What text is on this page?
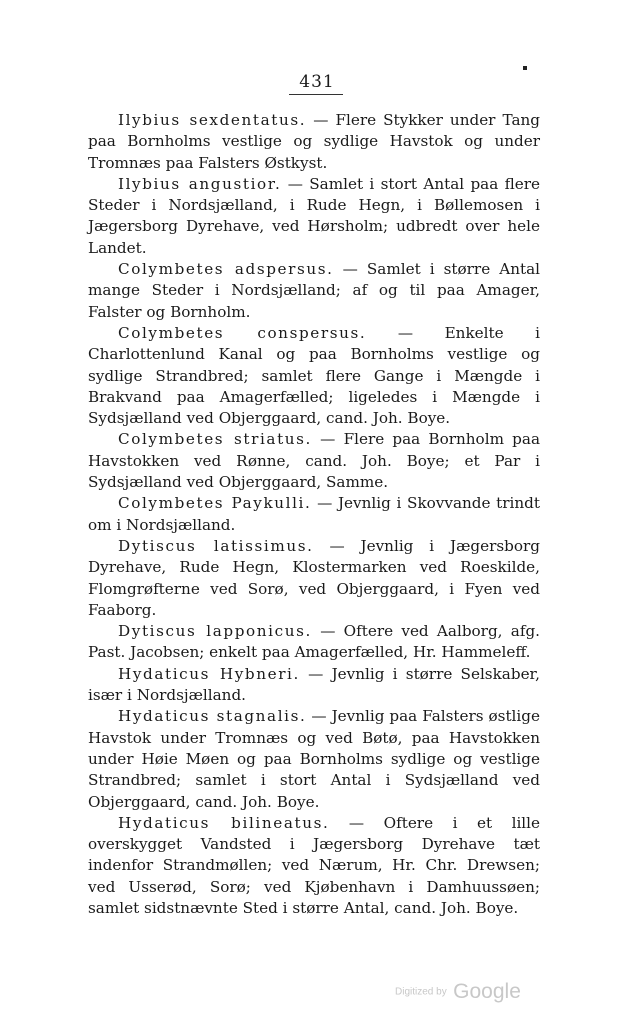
431

Ilybius sexdentatus. — Flere Stykker under Tang paa Bornholms vestlige og sydlige Havstok og under Tromnæs paa Falsters Østkyst.

Ilybius angustior. — Samlet i stort Antal paa flere Steder i Nordsjælland, i Rude Hegn, i Bøllemosen i Jægersborg Dyrehave, ved Hørsholm; udbredt over hele Landet.

Colymbetes adspersus. — Samlet i større Antal mange Steder i Nordsjælland; af og til paa Amager, Falster og Bornholm.

Colymbetes conspersus. — Enkelte i Charlottenlund Kanal og paa Bornholms vestlige og sydlige Strandbred; samlet flere Gange i Mængde i Brakvand paa Amagerfælled; ligeledes i Mængde i Sydsjælland ved Objerggaard, cand. Joh. Boye.

Colymbetes striatus. — Flere paa Bornholm paa Havstokken ved Rønne, cand. Joh. Boye; et Par i Sydsjælland ved Objerggaard, Samme.

Colymbetes Paykulli. — Jevnlig i Skovvande trindt om i Nordsjælland.

Dytiscus latissimus. — Jevnlig i Jægersborg Dyrehave, Rude Hegn, Klostermarken ved Roeskilde, Flomgrøfterne ved Sorø, ved Objerggaard, i Fyen ved Faaborg.

Dytiscus lapponicus. — Oftere ved Aalborg, afg. Past. Jacobsen; enkelt paa Amagerfælled, Hr. Hammeleff.

Hydaticus Hybneri. — Jevnlig i større Selskaber, især i Nordsjælland.

Hydaticus stagnalis. — Jevnlig paa Falsters østlige Havstok under Tromnæs og ved Bøtø, paa Havstokken under Høie Møen og paa Bornholms sydlige og vestlige Strandbred; samlet i stort Antal i Sydsjælland ved Objerggaard, cand. Joh. Boye.

Hydaticus bilineatus. — Oftere i et lille overskygget Vandsted i Jægersborg Dyrehave tæt indenfor Strandmøllen; ved Nærum, Hr. Chr. Drewsen; ved Usserød, Sorø; ved Kjøbenhavn i Damhuussøen; samlet sidstnævnte Sted i større Antal, cand. Joh. Boye.

Digitized by Google
